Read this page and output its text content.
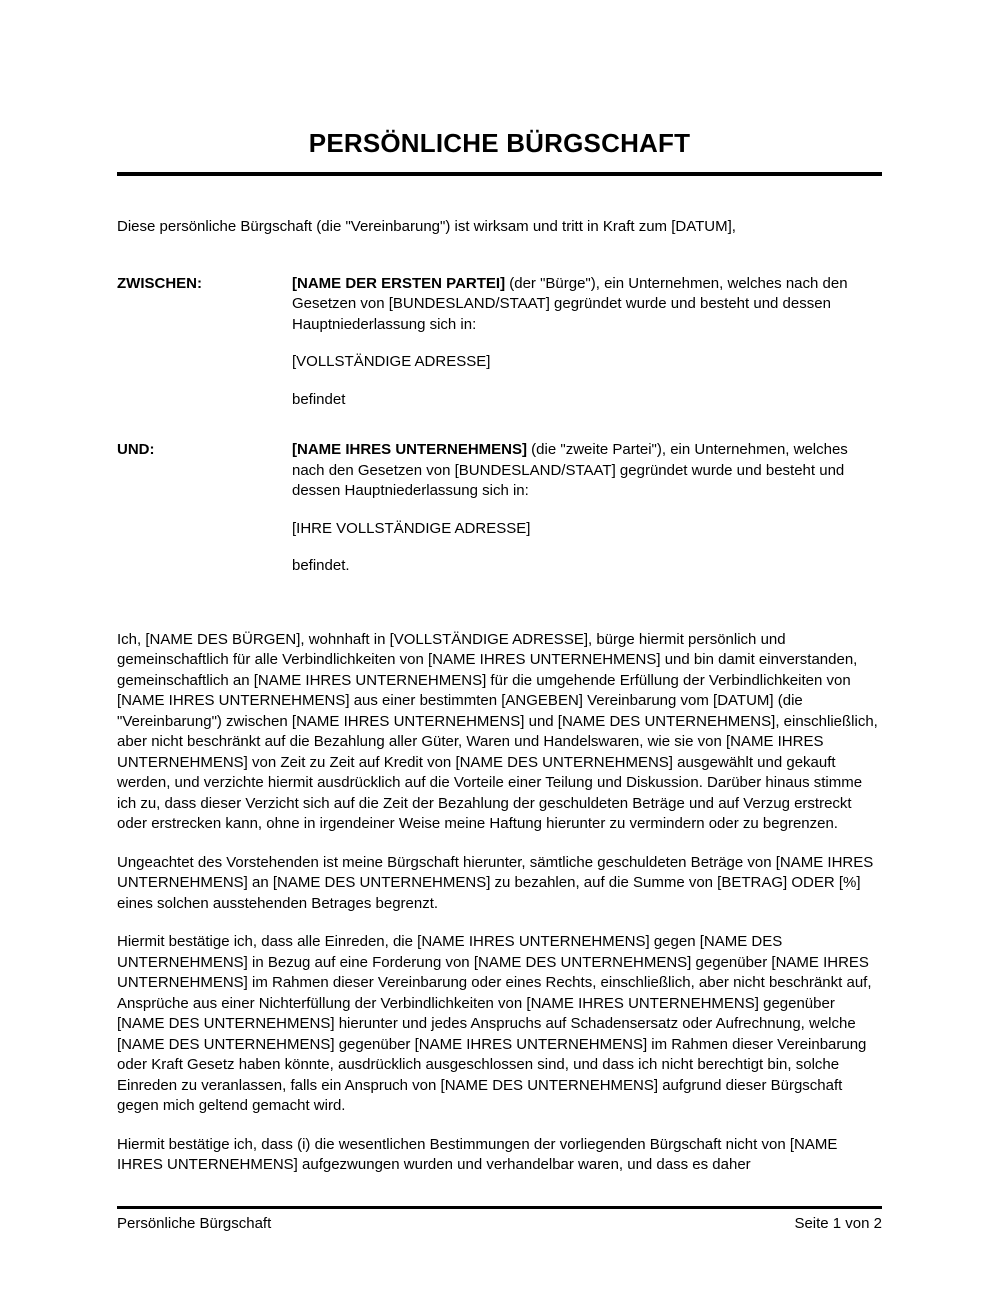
PERSÖNLICHE BÜRGSCHAFT

Diese persönliche Bürgschaft (die "Vereinbarung") ist wirksam und tritt in Kraft zum [DATUM],

ZWISCHEN:	[NAME DER ERSTEN PARTEI] (der "Bürge"), ein Unternehmen, welches nach den Gesetzen von [BUNDESLAND/STAAT] gegründet wurde und besteht und dessen Hauptniederlassung sich in:

[VOLLSTÄNDIGE ADRESSE]

befindet

UND:	[NAME IHRES UNTERNEHMENS] (die "zweite Partei"), ein Unternehmen, welches nach den Gesetzen von [BUNDESLAND/STAAT] gegründet wurde und besteht und dessen Hauptniederlassung sich in:

[IHRE VOLLSTÄNDIGE ADRESSE]

befindet.

Ich, [NAME DES BÜRGEN], wohnhaft in [VOLLSTÄNDIGE ADRESSE], bürge hiermit persönlich und gemeinschaftlich für alle Verbindlichkeiten von [NAME IHRES UNTERNEHMENS] und bin damit einverstanden, gemeinschaftlich an [NAME IHRES UNTERNEHMENS] für die umgehende Erfüllung der Verbindlichkeiten von [NAME IHRES UNTERNEHMENS] aus einer bestimmten [ANGEBEN] Vereinbarung vom [DATUM] (die "Vereinbarung") zwischen [NAME IHRES UNTERNEHMENS] und [NAME DES UNTERNEHMENS], einschließlich, aber nicht beschränkt auf die Bezahlung aller Güter, Waren und Handelswaren, wie sie von [NAME IHRES UNTERNEHMENS] von Zeit zu Zeit auf Kredit von [NAME DES UNTERNEHMENS] ausgewählt und gekauft werden, und verzichte hiermit ausdrücklich auf die Vorteile einer Teilung und Diskussion. Darüber hinaus stimme ich zu, dass dieser Verzicht sich auf die Zeit der Bezahlung der geschuldeten Beträge und auf Verzug erstreckt oder erstrecken kann, ohne in irgendeiner Weise meine Haftung hierunter zu vermindern oder zu begrenzen.

Ungeachtet des Vorstehenden ist meine Bürgschaft hierunter, sämtliche geschuldeten Beträge von [NAME IHRES UNTERNEHMENS] an [NAME DES UNTERNEHMENS] zu bezahlen, auf die Summe von [BETRAG] ODER [%] eines solchen ausstehenden Betrages begrenzt.

Hiermit bestätige ich, dass alle Einreden, die [NAME IHRES UNTERNEHMENS] gegen [NAME DES UNTERNEHMENS] in Bezug auf eine Forderung von [NAME DES UNTERNEHMENS] gegenüber [NAME IHRES UNTERNEHMENS] im Rahmen dieser Vereinbarung oder eines Rechts, einschließlich, aber nicht beschränkt auf, Ansprüche aus einer Nichterfüllung der Verbindlichkeiten von [NAME IHRES UNTERNEHMENS] gegenüber [NAME DES UNTERNEHMENS] hierunter und jedes Anspruchs auf Schadensersatz oder Aufrechnung, welche [NAME DES UNTERNEHMENS] gegenüber [NAME IHRES UNTERNEHMENS] im Rahmen dieser Vereinbarung oder Kraft Gesetz haben könnte, ausdrücklich ausgeschlossen sind, und dass ich nicht berechtigt bin, solche Einreden zu veranlassen, falls ein Anspruch von [NAME DES UNTERNEHMENS] aufgrund dieser Bürgschaft gegen mich geltend gemacht wird.

Hiermit bestätige ich, dass (i) die wesentlichen Bestimmungen der vorliegenden Bürgschaft nicht von [NAME IHRES UNTERNEHMENS] aufgezwungen wurden und verhandelbar waren, und dass es daher

Persönliche Bürgschaft	Seite 1 von 2
